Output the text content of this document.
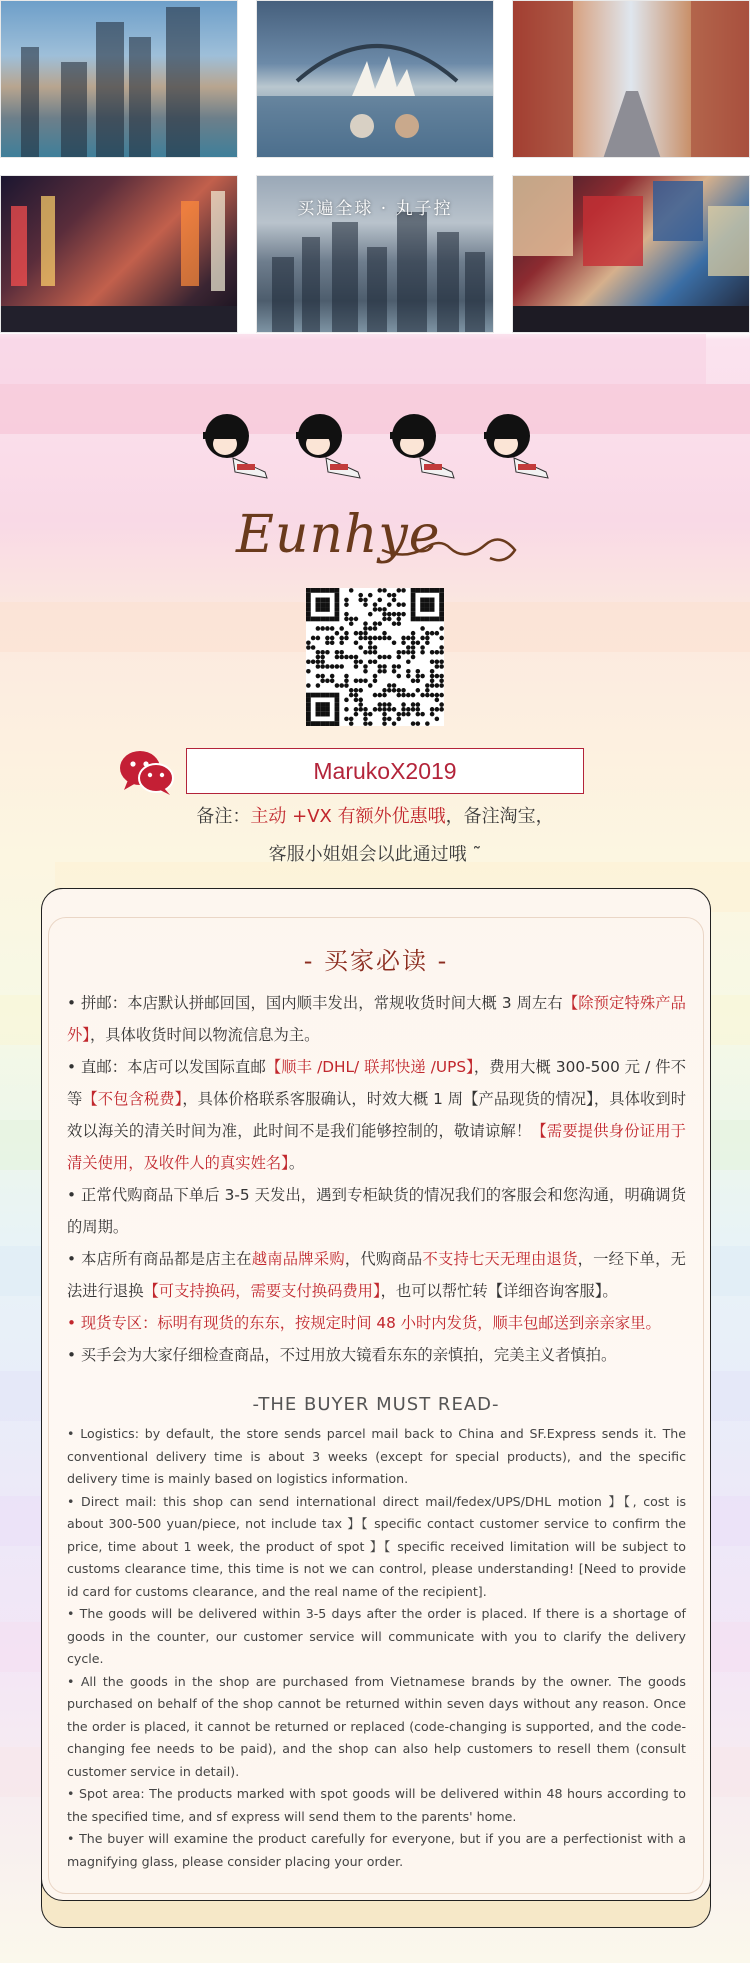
买遍全球 · 丸子控
Eunhye
MarukoX2019
备注：主动 +VX 有额外优惠哦，备注淘宝，
客服小姐姐会以此通过哦 ˜
- 买家必读 -

• 拼邮：本店默认拼邮回国，国内顺丰发出，常规收货时间大概 3 周左右【除预定特殊产品外】，具体收货时间以物流信息为主。

• 直邮：本店可以发国际直邮【顺丰 /DHL/ 联邦快递 /UPS】，费用大概 300-500 元 / 件不等【不包含税费】，具体价格联系客服确认，时效大概 1 周【产品现货的情况】，具体收到时效以海关的清关时间为准，此时间不是我们能够控制的，敬请谅解！【需要提供身份证用于清关使用，及收件人的真实姓名】。

• 正常代购商品下单后 3-5 天发出，遇到专柜缺货的情况我们的客服会和您沟通，明确调货的周期。

• 本店所有商品都是店主在越南品牌采购，代购商品不支持七天无理由退货，一经下单，无法进行退换【可支持换码，需要支付换码费用】，也可以帮忙转【详细咨询客服】。

• 现货专区：标明有现货的东东，按规定时间 48 小时内发货，顺丰包邮送到亲亲家里。

• 买手会为大家仔细检查商品，不过用放大镜看东东的亲慎拍，完美主义者慎拍。

-THE BUYER MUST READ-

• Logistics: by default, the store sends parcel mail back to China and SF.Express sends it. The conventional delivery time is about 3 weeks (except for special products), and the specific delivery time is mainly based on logistics information.

• Direct mail: this shop can send international direct mail/fedex/UPS/DHL motion 】【, cost is about 300-500 yuan/piece, not include tax 】【 specific contact customer service to confirm the price, time about 1 week, the product of spot 】【 specific received limitation will be subject to customs clearance time, this time is not we can control, please understanding! [Need to provide id card for customs clearance, and the real name of the recipient].

• The goods will be delivered within 3-5 days after the order is placed. If there is a shortage of goods in the counter, our customer service will communicate with you to clarify the delivery cycle.

• All the goods in the shop are purchased from Vietnamese brands by the owner. The goods purchased on behalf of the shop cannot be returned within seven days without any reason. Once the order is placed, it cannot be returned or replaced (code-changing is supported, and the code-changing fee needs to be paid), and the shop can also help customers to resell them (consult customer service in detail).

• Spot area: The products marked with spot goods will be delivered within 48 hours according to the specified time, and sf express will send them to the parents' home.

• The buyer will examine the product carefully for everyone, but if you are a perfectionist with a magnifying glass, please consider placing your order.
